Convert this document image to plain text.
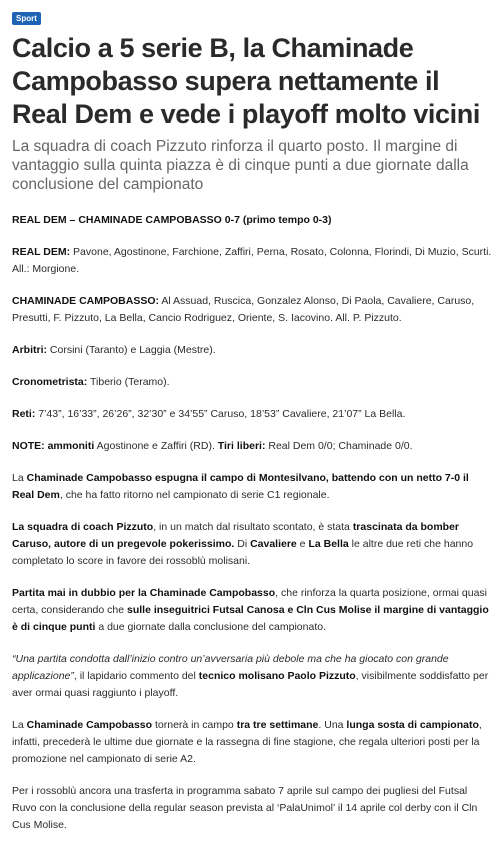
Sport
Calcio a 5 serie B, la Chaminade Campobasso supera nettamente il Real Dem e vede i playoff molto vicini
La squadra di coach Pizzuto rinforza il quarto posto. Il margine di vantaggio sulla quinta piazza è di cinque punti a due giornate dalla conclusione del campionato

REAL DEM – CHAMINADE CAMPOBASSO 0-7 (primo tempo 0-3)

REAL DEM: Pavone, Agostinone, Farchione, Zaffiri, Perna, Rosato, Colonna, Florindi, Di Muzio, Scurti. All.: Morgione.

CHAMINADE CAMPOBASSO: Al Assuad, Ruscica, Gonzalez Alonso, Di Paola, Cavaliere, Caruso, Presutti, F. Pizzuto, La Bella, Cancio Rodriguez, Oriente, S. Iacovino. All. P. Pizzuto.

Arbitri: Corsini (Taranto) e Laggia (Mestre).

Cronometrista: Tiberio (Teramo).

Reti: 7’43”, 16’33”, 26’26”, 32’30” e 34’55” Caruso, 18’53” Cavaliere, 21’07” La Bella.

NOTE: ammoniti Agostinone e Zaffiri (RD). Tiri liberi: Real Dem 0/0; Chaminade 0/0.

La Chaminade Campobasso espugna il campo di Montesilvano, battendo con un netto 7-0 il Real Dem, che ha fatto ritorno nel campionato di serie C1 regionale.

La squadra di coach Pizzuto, in un match dal risultato scontato, è stata trascinata da bomber Caruso, autore di un pregevole pokerissimo. Di Cavaliere e La Bella le altre due reti che hanno completato lo score in favore dei rossoblù molisani.

Partita mai in dubbio per la Chaminade Campobasso, che rinforza la quarta posizione, ormai quasi certa, considerando che sulle inseguitrici Futsal Canosa e Cln Cus Molise il margine di vantaggio è di cinque punti a due giornate dalla conclusione del campionato.

“Una partita condotta dall’inizio contro un’avversaria più debole ma che ha giocato con grande applicazione”, il lapidario commento del tecnico molisano Paolo Pizzuto, visibilmente soddisfatto per aver ormai quasi raggiunto i playoff.

La Chaminade Campobasso tornerà in campo tra tre settimane. Una lunga sosta di campionato, infatti, precederà le ultime due giornate e la rassegna di fine stagione, che regala ulteriori posti per la promozione nel campionato di serie A2.

Per i rossoblù ancora una trasferta in programma sabato 7 aprile sul campo dei pugliesi del Futsal Ruvo con la conclusione della regular season prevista al ‘PalaUnimol’ il 14 aprile col derby con il Cln Cus Molise.
